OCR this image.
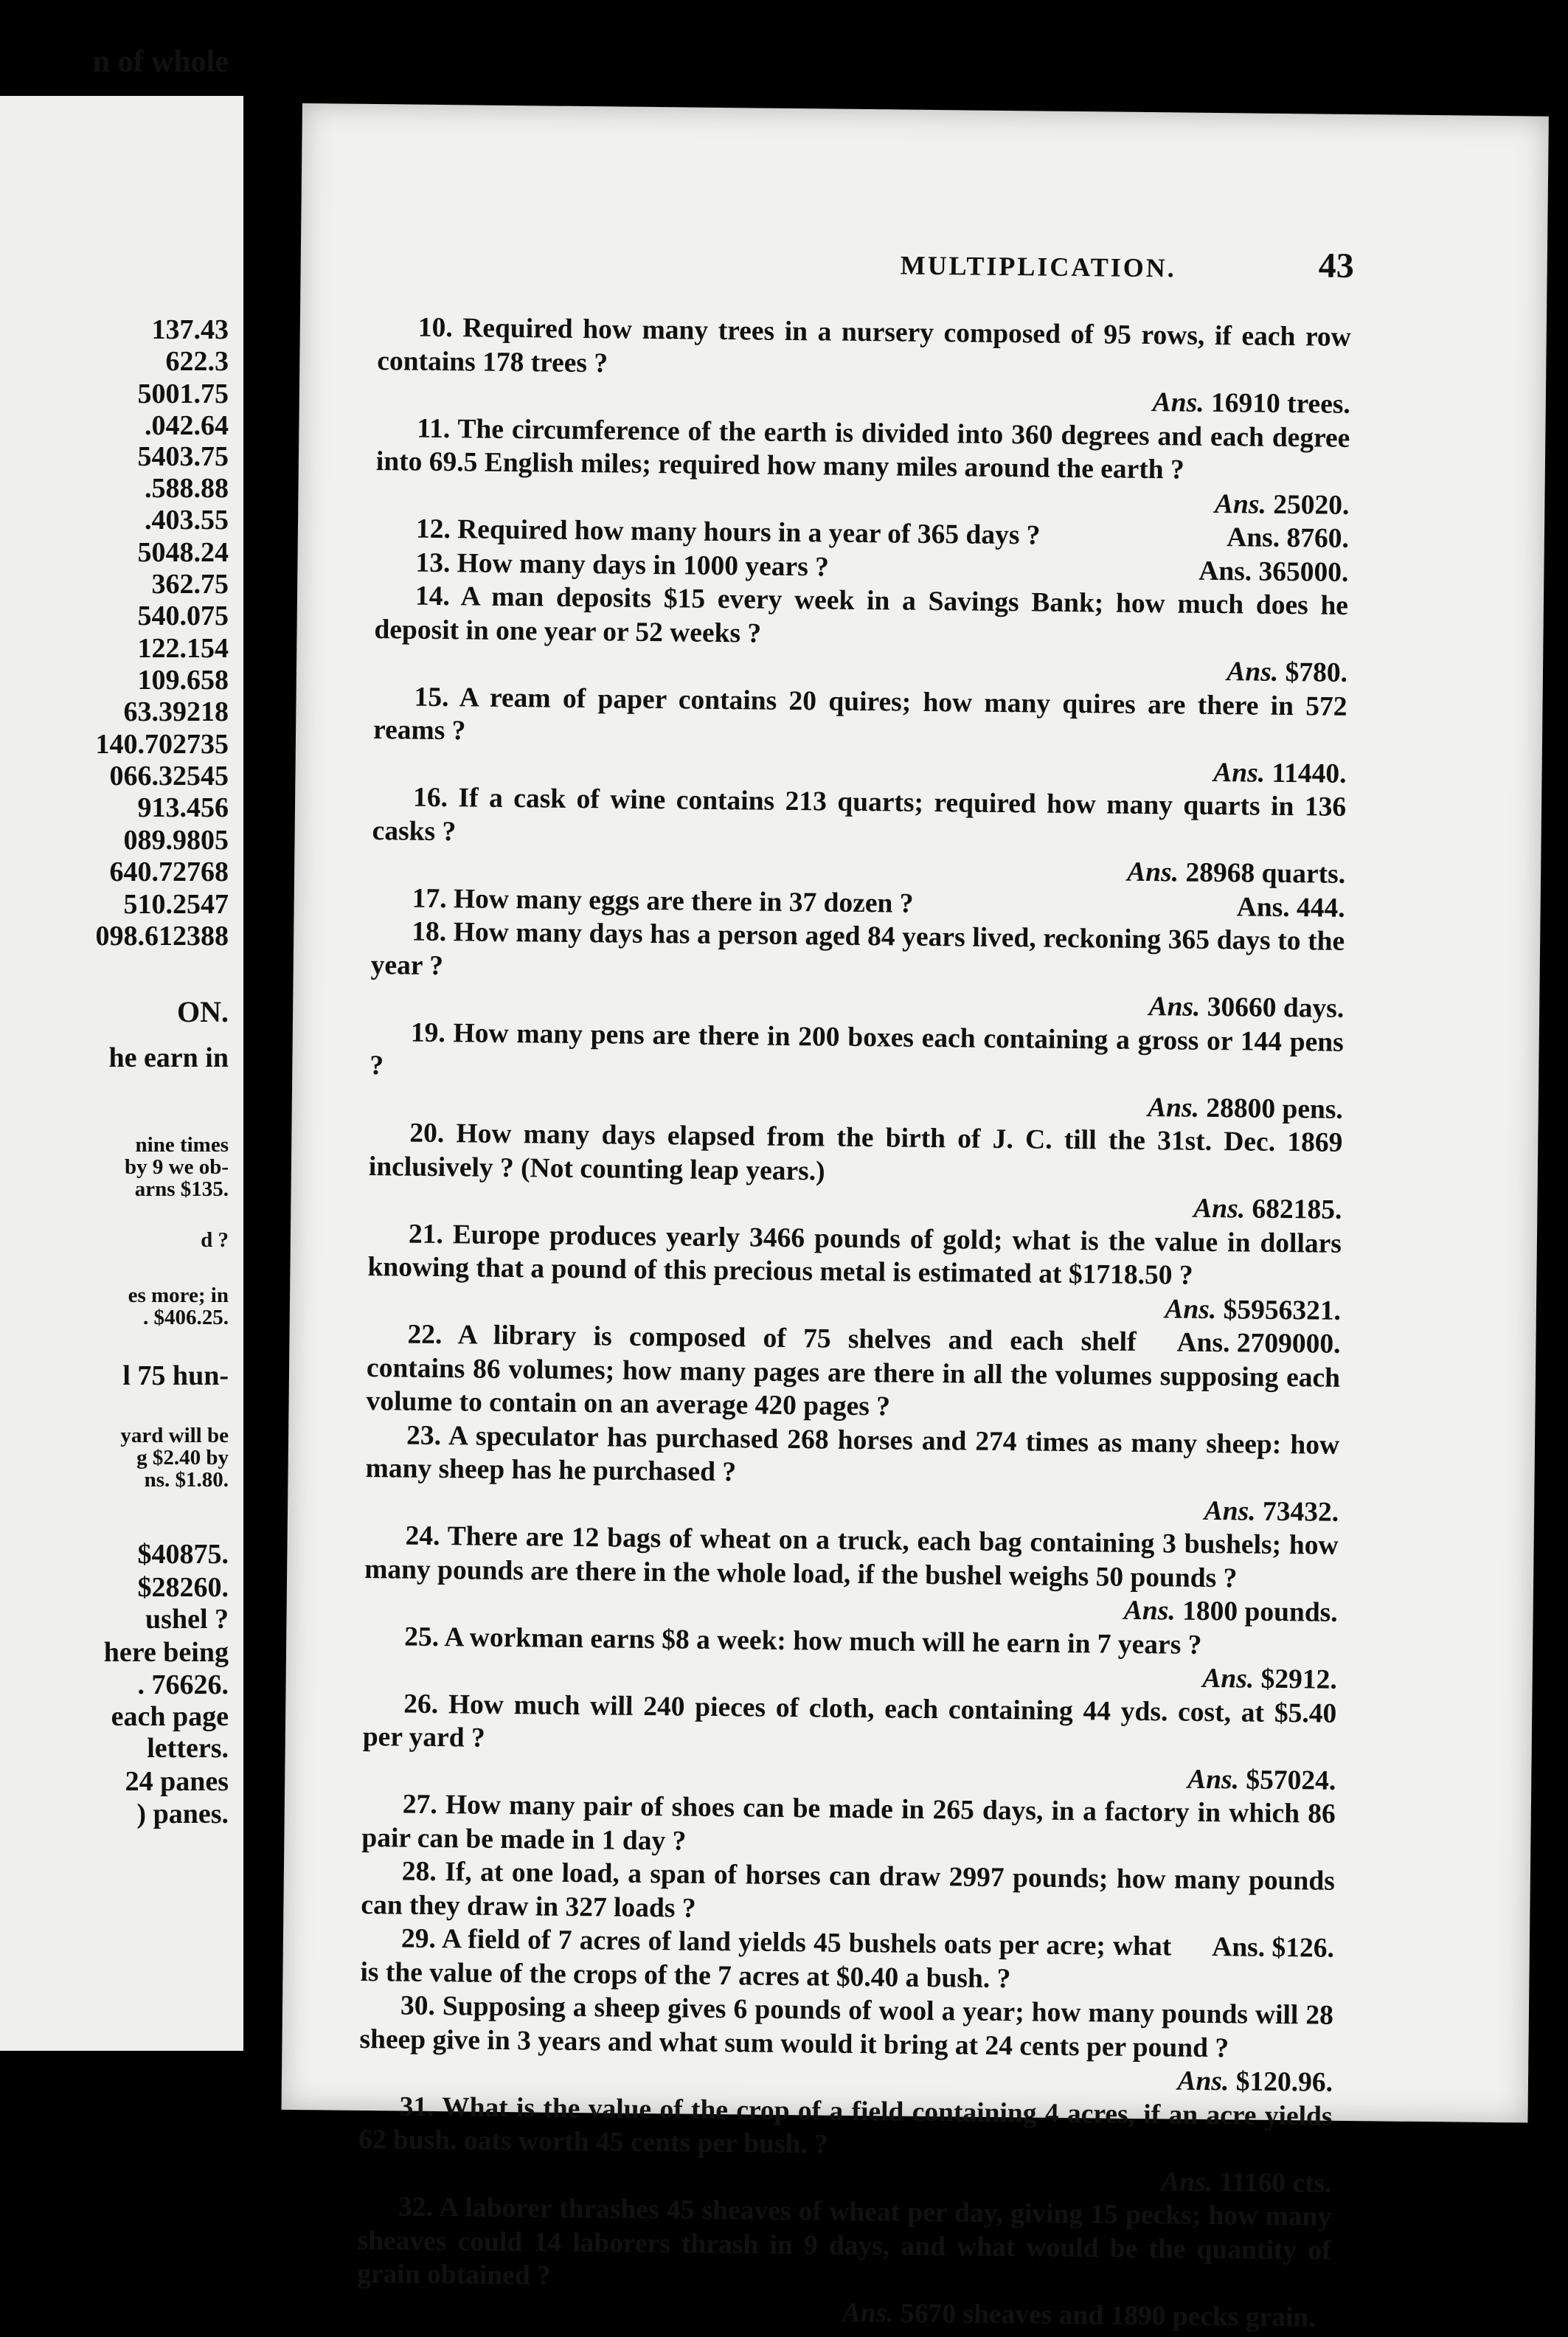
n of whole
137.43
622.3
5001.75
.042.64
5403.75
.588.88
.403.55
5048.24
362.75
540.075
122.154
109.658
63.39218
140.702735
066.32545
913.456
089.9805
640.72768
510.2547
098.612388
ON.
he earn in
nine times
by 9 we ob-
arns $135.
d ?
es more; in
. $406.25.
l 75 hun-
yard will be
g $2.40 by
ns. $1.80.
$40875.
$28260.
ushel ?
here being
. 76626.
each page
letters.
24 panes
) panes.
MULTIPLICATION.	43
10. Required how many trees in a nursery composed of 95 rows, if each row contains 178 trees ?
Ans. 16910 trees.
11. The circumference of the earth is divided into 360 degrees and each degree into 69.5 English miles; required how many miles around the earth ?
Ans. 25020.
Ans. 8760.
12. Required how many hours in a year of 365 days ?
Ans. 365000.
13. How many days in 1000 years ?
14. A man deposits $15 every week in a Savings Bank; how much does he deposit in one year or 52 weeks ?
Ans. $780.
15. A ream of paper contains 20 quires; how many quires are there in 572 reams ?
Ans. 11440.
16. If a cask of wine contains 213 quarts; required how many quarts in 136 casks ?
Ans. 28968 quarts.
Ans. 444.
17. How many eggs are there in 37 dozen ?
18. How many days has a person aged 84 years lived, reckoning 365 days to the year ?
Ans. 30660 days.
19. How many pens are there in 200 boxes each containing a gross or 144 pens ?
Ans. 28800 pens.
20. How many days elapsed from the birth of J. C. till the 31st. Dec. 1869 inclusively ? (Not counting leap years.)
Ans. 682185.
21. Europe produces yearly 3466 pounds of gold; what is the value in dollars knowing that a pound of this precious metal is estimated at $1718.50 ?
Ans. $5956321.
Ans. 2709000.
22. A library is composed of 75 shelves and each shelf contains 86 volumes; how many pages are there in all the volumes supposing each volume to contain on an average 420 pages ?
23. A speculator has purchased 268 horses and 274 times as many sheep: how many sheep has he purchased ?
Ans. 73432.
24. There are 12 bags of wheat on a truck, each bag containing 3 bushels; how many pounds are there in the whole load, if the bushel weighs 50 pounds ?
Ans. 1800 pounds.
25. A workman earns $8 a week: how much will he earn in 7 years ?
Ans. $2912.
26. How much will 240 pieces of cloth, each containing 44 yds. cost, at $5.40 per yard ?
Ans. $57024.
27. How many pair of shoes can be made in 265 days, in a factory in which 86 pair can be made in 1 day ?
28. If, at one load, a span of horses can draw 2997 pounds; how many pounds can they draw in 327 loads ?
Ans. $126.
29. A field of 7 acres of land yields 45 bushels oats per acre; what is the value of the crops of the 7 acres at $0.40 a bush. ?
30. Supposing a sheep gives 6 pounds of wool a year; how many pounds will 28 sheep give in 3 years and what sum would it bring at 24 cents per pound ?
Ans. $120.96.
31. What is the value of the crop of a field containing 4 acres, if an acre yields 62 bush. oats worth 45 cents per bush. ?
Ans. 11160 cts.
32. A laborer thrashes 45 sheaves of wheat per day, giving 15 pecks; how many sheaves could 14 laborers thrash in 9 days, and what would be the quantity of grain obtained ?
Ans. 5670 sheaves and 1890 pecks grain.
